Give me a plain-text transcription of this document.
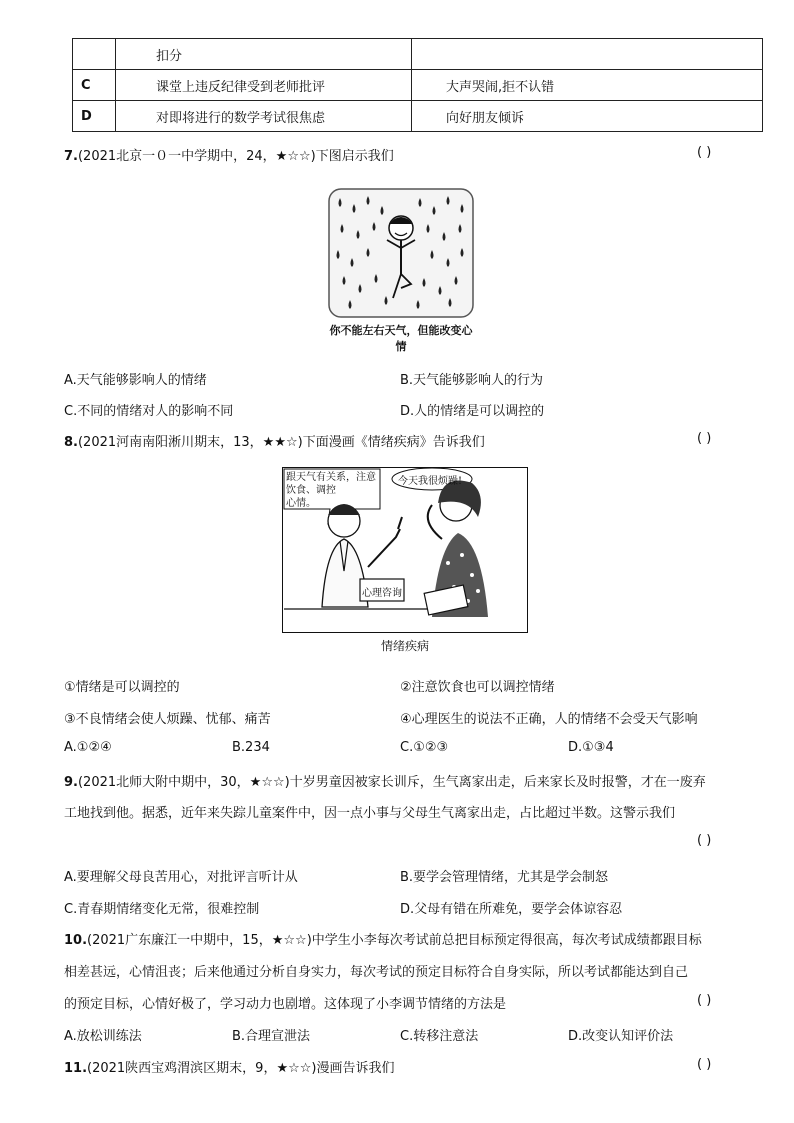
	扣分	
C	课堂上违反纪律受到老师批评	大声哭闹,拒不认错
D	对即将进行的数学考试很焦虑	向好朋友倾诉
7.(2021北京一０一中学期中，24，★☆☆)下图启示我们	( )
你不能左右天气，但能改变心情
A.天气能够影响人的情绪	B.天气能够影响人的行为
C.不同的情绪对人的影响不同	D.人的情绪是可以调控的
8.(2021河南南阳淅川期末，13，★★☆)下面漫画《情绪疾病》告诉我们	( )
跟天气有关系，注意
饮食、调控
心情。
今天我很烦躁!
心理咨询
情绪疾病
①情绪是可以调控的	②注意饮食也可以调控情绪
③不良情绪会使人烦躁、忧郁、痛苦	④心理医生的说法不正确，人的情绪不会受天气影响
A.①②④	B.234	C.①②③	D.①③4
9.(2021北师大附中期中，30，★☆☆)十岁男童因被家长训斥，生气离家出走，后来家长及时报警，才在一废弃
工地找到他。据悉，近年来失踪儿童案件中，因一点小事与父母生气离家出走，占比超过半数。这警示我们
( )
A.要理解父母良苦用心，对批评言听计从	B.要学会管理情绪，尤其是学会制怒
C.青春期情绪变化无常，很难控制	D.父母有错在所难免，要学会体谅容忍
10.(2021广东廉江一中期中，15，★☆☆)中学生小李每次考试前总把目标预定得很高，每次考试成绩都跟目标
相差甚远，心情沮丧；后来他通过分析自身实力，每次考试的预定目标符合自身实际，所以考试都能达到自己
的预定目标，心情好极了，学习动力也剧增。这体现了小李调节情绪的方法是	( )
A.放松训练法	B.合理宣泄法	C.转移注意法	D.改变认知评价法
11.(2021陕西宝鸡渭滨区期末，9，★☆☆)漫画告诉我们	( )
